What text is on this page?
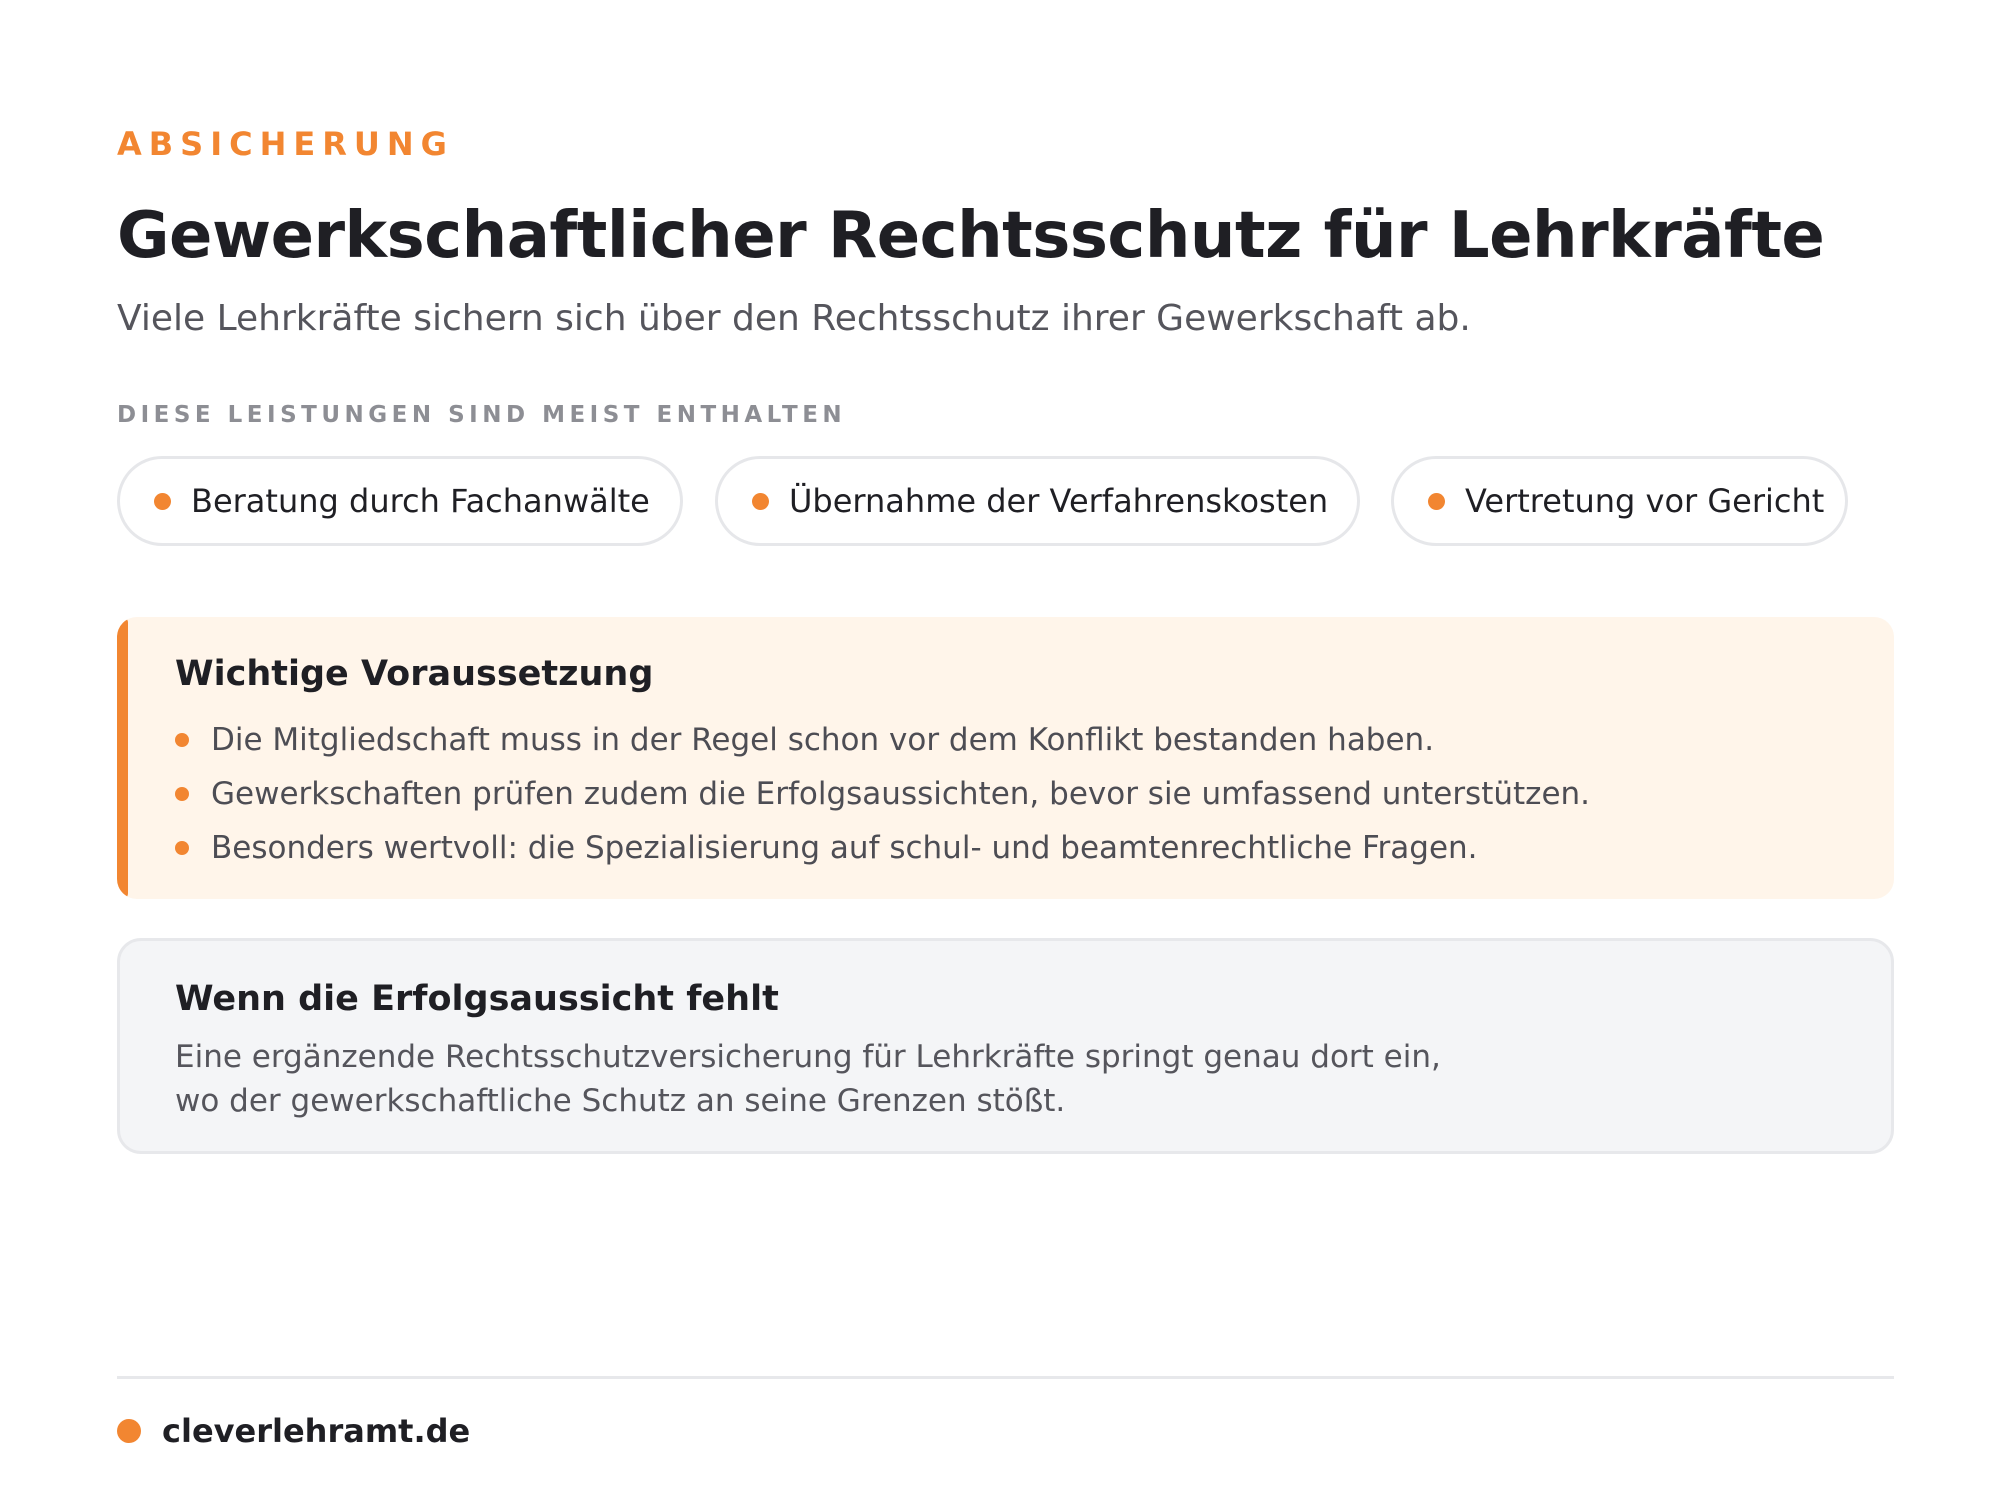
ABSICHERUNG
Gewerkschaftlicher Rechtsschutz für Lehrkräfte
Viele Lehrkräfte sichern sich über den Rechtsschutz ihrer Gewerkschaft ab.
DIESE LEISTUNGEN SIND MEIST ENTHALTEN
Beratung durch Fachanwälte	Übernahme der Verfahrenskosten	Vertretung vor Gericht
Wichtige Voraussetzung
Die Mitgliedschaft muss in der Regel schon vor dem Konflikt bestanden haben.
Gewerkschaften prüfen zudem die Erfolgsaussichten, bevor sie umfassend unterstützen.
Besonders wertvoll: die Spezialisierung auf schul- und beamtenrechtliche Fragen.
Wenn die Erfolgsaussicht fehlt
Eine ergänzende Rechtsschutzversicherung für Lehrkräfte springt genau dort ein,
wo der gewerkschaftliche Schutz an seine Grenzen stößt.
cleverlehramt.de
